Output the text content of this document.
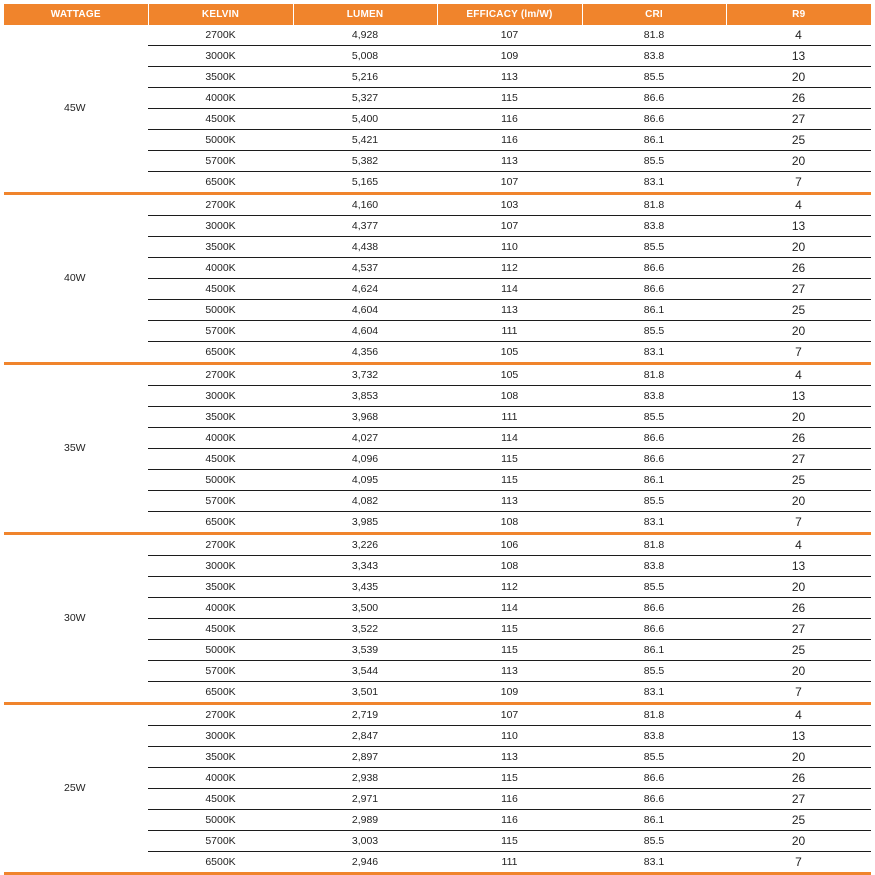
WATTAGE	KELVIN	LUMEN	EFFICACY (lm/W)	CRI	R9
45W	2700K	4,928	107	81.8	4
	3000K	5,008	109	83.8	13
	3500K	5,216	113	85.5	20
	4000K	5,327	115	86.6	26
	4500K	5,400	116	86.6	27
	5000K	5,421	116	86.1	25
	5700K	5,382	113	85.5	20
	6500K	5,165	107	83.1	7
40W	2700K	4,160	103	81.8	4
	3000K	4,377	107	83.8	13
	3500K	4,438	110	85.5	20
	4000K	4,537	112	86.6	26
	4500K	4,624	114	86.6	27
	5000K	4,604	113	86.1	25
	5700K	4,604	111	85.5	20
	6500K	4,356	105	83.1	7
35W	2700K	3,732	105	81.8	4
	3000K	3,853	108	83.8	13
	3500K	3,968	111	85.5	20
	4000K	4,027	114	86.6	26
	4500K	4,096	115	86.6	27
	5000K	4,095	115	86.1	25
	5700K	4,082	113	85.5	20
	6500K	3,985	108	83.1	7
30W	2700K	3,226	106	81.8	4
	3000K	3,343	108	83.8	13
	3500K	3,435	112	85.5	20
	4000K	3,500	114	86.6	26
	4500K	3,522	115	86.6	27
	5000K	3,539	115	86.1	25
	5700K	3,544	113	85.5	20
	6500K	3,501	109	83.1	7
25W	2700K	2,719	107	81.8	4
	3000K	2,847	110	83.8	13
	3500K	2,897	113	85.5	20
	4000K	2,938	115	86.6	26
	4500K	2,971	116	86.6	27
	5000K	2,989	116	86.1	25
	5700K	3,003	115	85.5	20
	6500K	2,946	111	83.1	7
